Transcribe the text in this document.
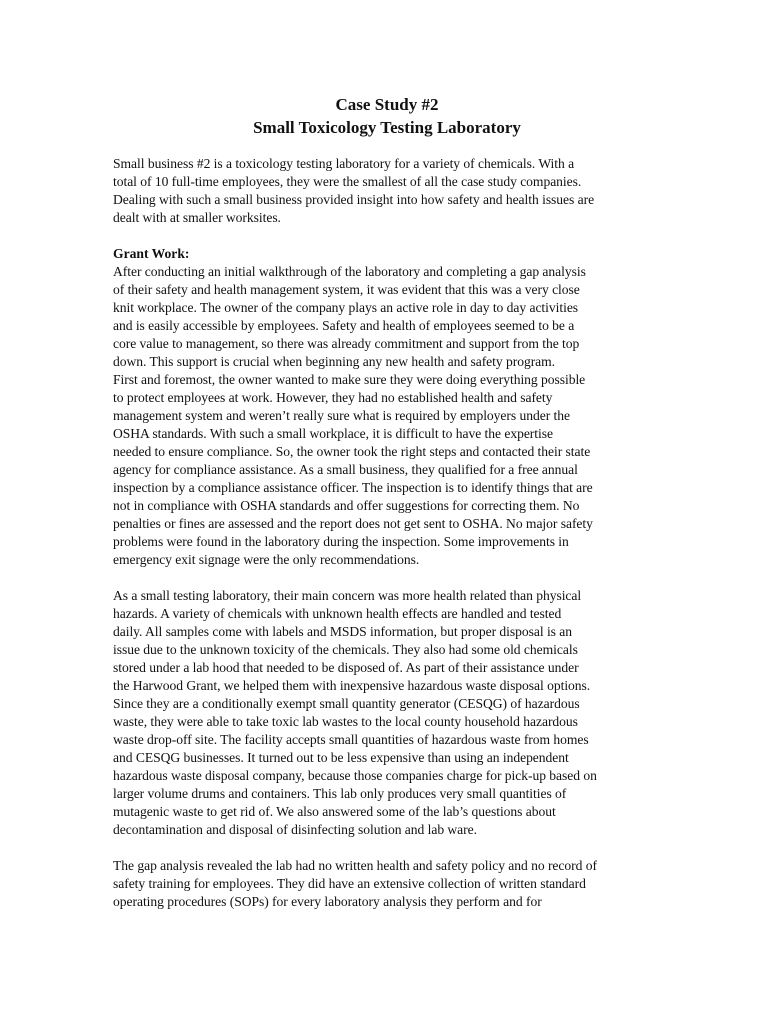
Case Study #2
Small Toxicology Testing Laboratory
Small business #2 is a toxicology testing laboratory for a variety of chemicals. With a
total of 10 full-time employees, they were the smallest of all the case study companies.
Dealing with such a small business provided insight into how safety and health issues are
dealt with at smaller worksites.
Grant Work:
After conducting an initial walkthrough of the laboratory and completing a gap analysis
of their safety and health management system, it was evident that this was a very close
knit workplace. The owner of the company plays an active role in day to day activities
and is easily accessible by employees. Safety and health of employees seemed to be a
core value to management, so there was already commitment and support from the top
down. This support is crucial when beginning any new health and safety program.
First and foremost, the owner wanted to make sure they were doing everything possible
to protect employees at work. However, they had no established health and safety
management system and weren’t really sure what is required by employers under the
OSHA standards. With such a small workplace, it is difficult to have the expertise
needed to ensure compliance. So, the owner took the right steps and contacted their state
agency for compliance assistance. As a small business, they qualified for a free annual
inspection by a compliance assistance officer. The inspection is to identify things that are
not in compliance with OSHA standards and offer suggestions for correcting them. No
penalties or fines are assessed and the report does not get sent to OSHA. No major safety
problems were found in the laboratory during the inspection. Some improvements in
emergency exit signage were the only recommendations.
As a small testing laboratory, their main concern was more health related than physical
hazards. A variety of chemicals with unknown health effects are handled and tested
daily. All samples come with labels and MSDS information, but proper disposal is an
issue due to the unknown toxicity of the chemicals. They also had some old chemicals
stored under a lab hood that needed to be disposed of. As part of their assistance under
the Harwood Grant, we helped them with inexpensive hazardous waste disposal options.
Since they are a conditionally exempt small quantity generator (CESQG) of hazardous
waste, they were able to take toxic lab wastes to the local county household hazardous
waste drop-off site. The facility accepts small quantities of hazardous waste from homes
and CESQG businesses. It turned out to be less expensive than using an independent
hazardous waste disposal company, because those companies charge for pick-up based on
larger volume drums and containers. This lab only produces very small quantities of
mutagenic waste to get rid of. We also answered some of the lab’s questions about
decontamination and disposal of disinfecting solution and lab ware.
The gap analysis revealed the lab had no written health and safety policy and no record of
safety training for employees. They did have an extensive collection of written standard
operating procedures (SOPs) for every laboratory analysis they perform and for
